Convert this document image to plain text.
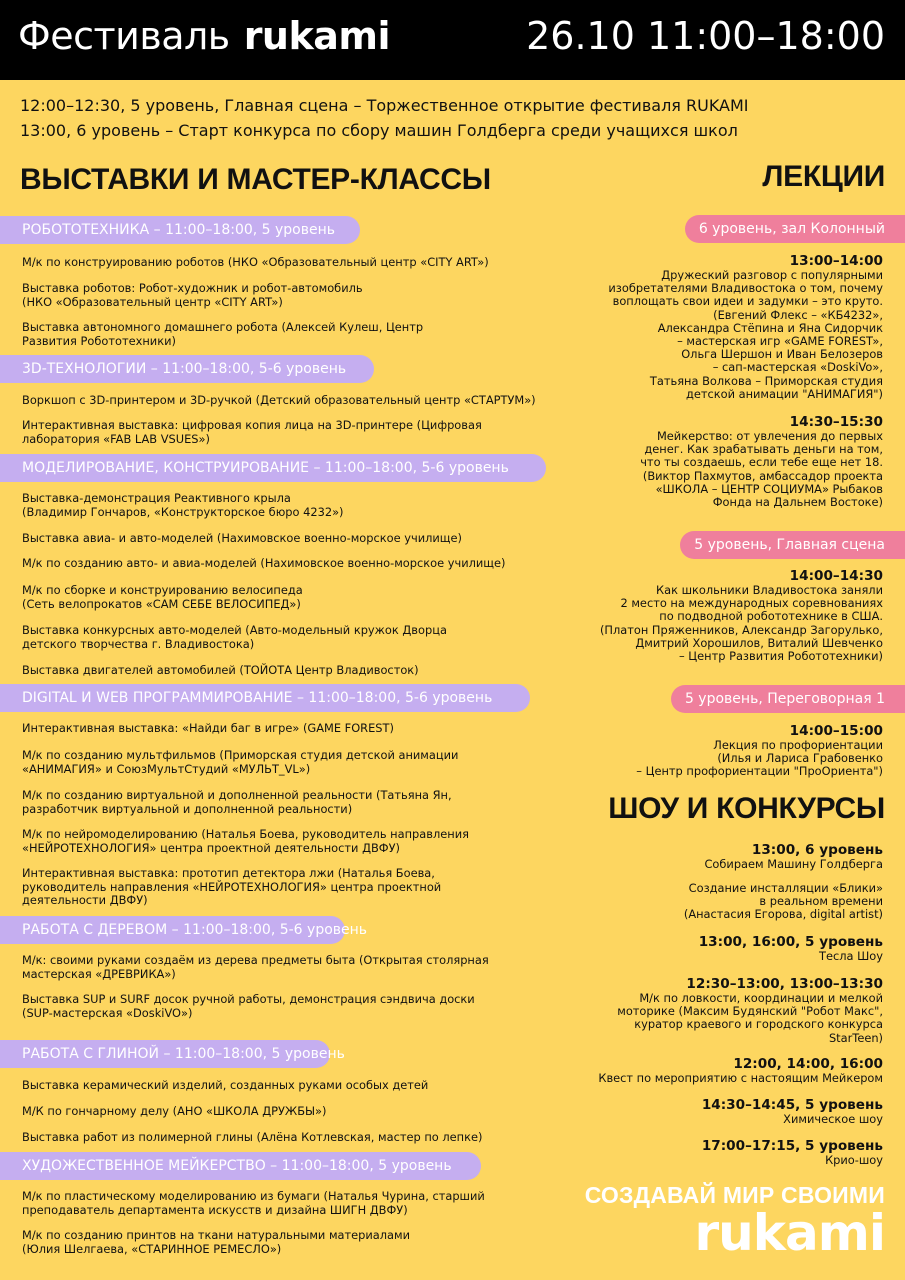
Фестиваль rukami	26.10 11:00–18:00
12:00–12:30, 5 уровень, Главная сцена – Торжественное открытие фестиваля RUKAMI
13:00, 6 уровень – Старт конкурса по сбору машин Голдберга среди учащихся школ
ВЫСТАВКИ И МАСТЕР-КЛАССЫ
РОБОТОТЕХНИКА – 11:00–18:00, 5 уровень
М/к по конструированию роботов (НКО «Образовательный центр «CITY ART»)
Выставка роботов: Робот-художник и робот-автомобиль
(НКО «Образовательный центр «CITY ART»)
Выставка автономного домашнего робота (Алексей Кулеш, Центр
Развития Робототехники)
3D-ТЕХНОЛОГИИ – 11:00–18:00, 5-6 уровень
Воркшоп с 3D-принтером и 3D-ручкой (Детский образовательный центр «СТАРТУМ»)
Интерактивная выставка: цифровая копия лица на 3D-принтере (Цифровая
лаборатория «FAB LAB VSUES»)
МОДЕЛИРОВАНИЕ, КОНСТРУИРОВАНИЕ – 11:00–18:00, 5-6 уровень
Выставка-демонстрация Реактивного крыла
(Владимир Гончаров, «Конструкторское бюро 4232»)
Выставка авиа- и авто-моделей (Нахимовское военно-морское училище)
М/к по созданию авто- и авиа-моделей (Нахимовское военно-морское училище)
М/к по сборке и конструированию велосипеда
(Сеть велопрокатов «САМ СЕБЕ ВЕЛОСИПЕД»)
Выставка конкурсных авто-моделей (Авто-модельный кружок Дворца
детского творчества г. Владивостока)
Выставка двигателей автомобилей (ТОЙОТА Центр Владивосток)
DIGITAL И WEB ПРОГРАММИРОВАНИЕ – 11:00–18:00, 5-6 уровень
Интерактивная выставка: «Найди баг в игре» (GAME FOREST)
М/к по созданию мультфильмов (Приморская студия детской анимации
«АНИМАГИЯ» и СоюзМультСтудий «МУЛЬТ_VL»)
М/к по созданию виртуальной и дополненной реальности (Татьяна Ян,
разработчик виртуальной и дополненной реальности)
М/к по нейромоделированию (Наталья Боева, руководитель направления
«НЕЙРОТЕХНОЛОГИЯ» центра проектной деятельности ДВФУ)
Интерактивная выставка: прототип детектора лжи (Наталья Боева,
руководитель направления «НЕЙРОТЕХНОЛОГИЯ» центра проектной
деятельности ДВФУ)
РАБОТА С ДЕРЕВОМ – 11:00–18:00, 5-6 уровень
М/к: своими руками создаём из дерева предметы быта (Открытая столярная
мастерская «ДРЕВРИКА»)
Выставка SUP и SURF досок ручной работы, демонстрация сэндвича доски
(SUP-мастерская «DoskiVO»)
РАБОТА С ГЛИНОЙ – 11:00–18:00, 5 уровень
Выставка керамический изделий, созданных руками особых детей
М/К по гончарному делу (АНО «ШКОЛА ДРУЖБЫ»)
Выставка работ из полимерной глины (Алёна Котлевская, мастер по лепке)
ХУДОЖЕСТВЕННОЕ МЕЙКЕРСТВО – 11:00–18:00, 5 уровень
М/к по пластическому моделированию из бумаги (Наталья Чурина, старший
преподаватель департамента искусств и дизайна ШИГН ДВФУ)
М/к по созданию принтов на ткани натуральными материалами
(Юлия Шелгаева, «СТАРИННОЕ РЕМЕСЛО»)
ЛЕКЦИИ
6 уровень, зал Колонный
13:00–14:00
Дружеский разговор с популярными
изобретателями Владивостока о том, почему
воплощать свои идеи и задумки – это круто.
(Евгений Флекс – «КБ4232»,
Александра Стёпина и Яна Сидорчик
– мастерская игр «GAME FOREST»,
Ольга Шершон и Иван Белозеров
– сап-мастерская «DoskiVo»,
Татьяна Волкова – Приморская студия
детской анимации "АНИМАГИЯ")
14:30–15:30
Мейкерство: от увлечения до первых
денег. Как зрабатывать деньги на том,
что ты создаешь, если тебе еще нет 18.
(Виктор Пахмутов, амбассадор проекта
«ШКОЛА – ЦЕНТР СОЦИУМА» Рыбаков
Фонда на Дальнем Востоке)
5 уровень, Главная сцена
14:00–14:30
Как школьники Владивостока заняли
2 место на международных соревнованиях
по подводной робототехнике в США.
(Платон Пряженников, Александр Загорулько,
Дмитрий Хорошилов, Виталий Шевченко
– Центр Развития Робототехники)
5 уровень, Переговорная 1
14:00–15:00
Лекция по профориентации
(Илья и Лариса Грабовенко
– Центр профориентации "ПроОриента")
ШОУ И КОНКУРСЫ
13:00, 6 уровень
Собираем Машину Голдберга
Создание инсталляции «Блики»
в реальном времени
(Анастасия Егорова, digital artist)
13:00, 16:00, 5 уровень
Тесла Шоу
12:30–13:00, 13:00–13:30
М/к по ловкости, координации и мелкой
моторике (Максим Будянский "Робот Макс",
куратор краевого и городского конкурса
StarTeen)
12:00, 14:00, 16:00
Квест по мероприятию с настоящим Мейкером
14:30–14:45, 5 уровень
Химическое шоу
17:00–17:15, 5 уровень
Крио-шоу
СОЗДАВАЙ МИР СВОИМИ
rukami
